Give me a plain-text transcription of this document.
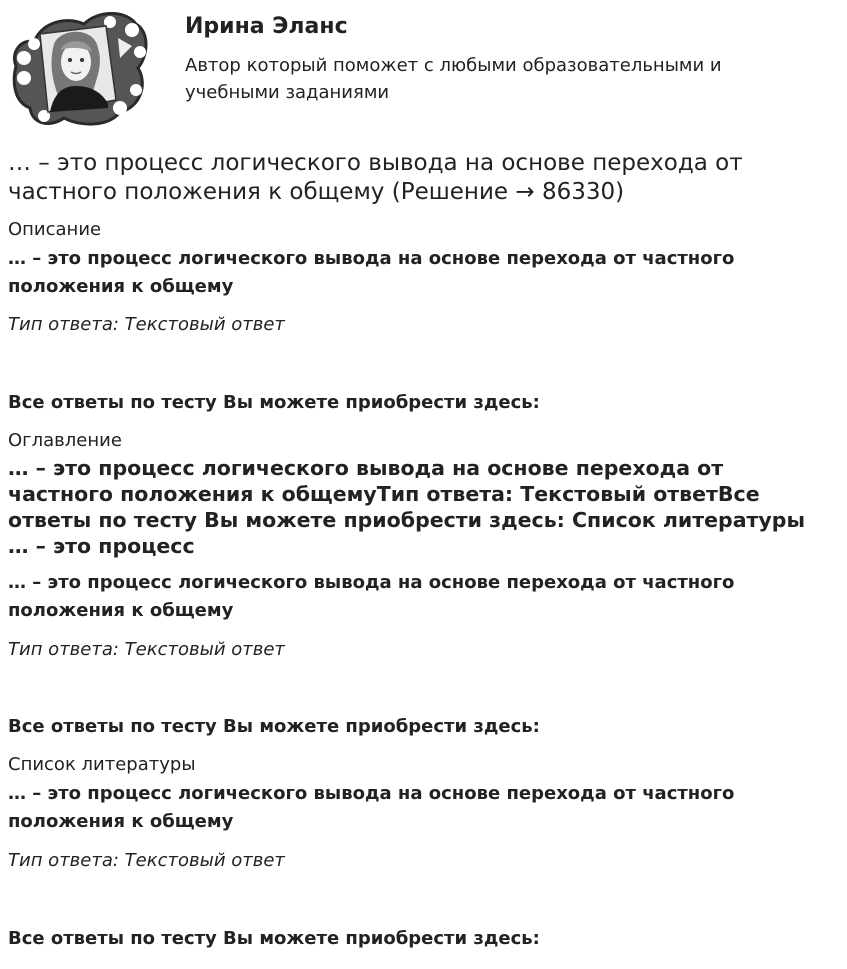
Ирина Эланс
Автор который поможет с любыми образовательными и учебными заданиями
… – это процесс логического вывода на основе перехода от частного положения к общему (Решение → 86330)
Описание
… – это процесс логического вывода на основе перехода от частного положения к общему
Тип ответа: Текстовый ответ
Все ответы по тесту Вы можете приобрести здесь:
Оглавление
… – это процесс логического вывода на основе перехода от частного положения к общемуТип ответа: Текстовый ответВсе ответы по тесту Вы можете приобрести здесь: Список литературы … – это процесс
… – это процесс логического вывода на основе перехода от частного положения к общему
Тип ответа: Текстовый ответ
Все ответы по тесту Вы можете приобрести здесь:
Список литературы
… – это процесс логического вывода на основе перехода от частного положения к общему
Тип ответа: Текстовый ответ
Все ответы по тесту Вы можете приобрести здесь:
